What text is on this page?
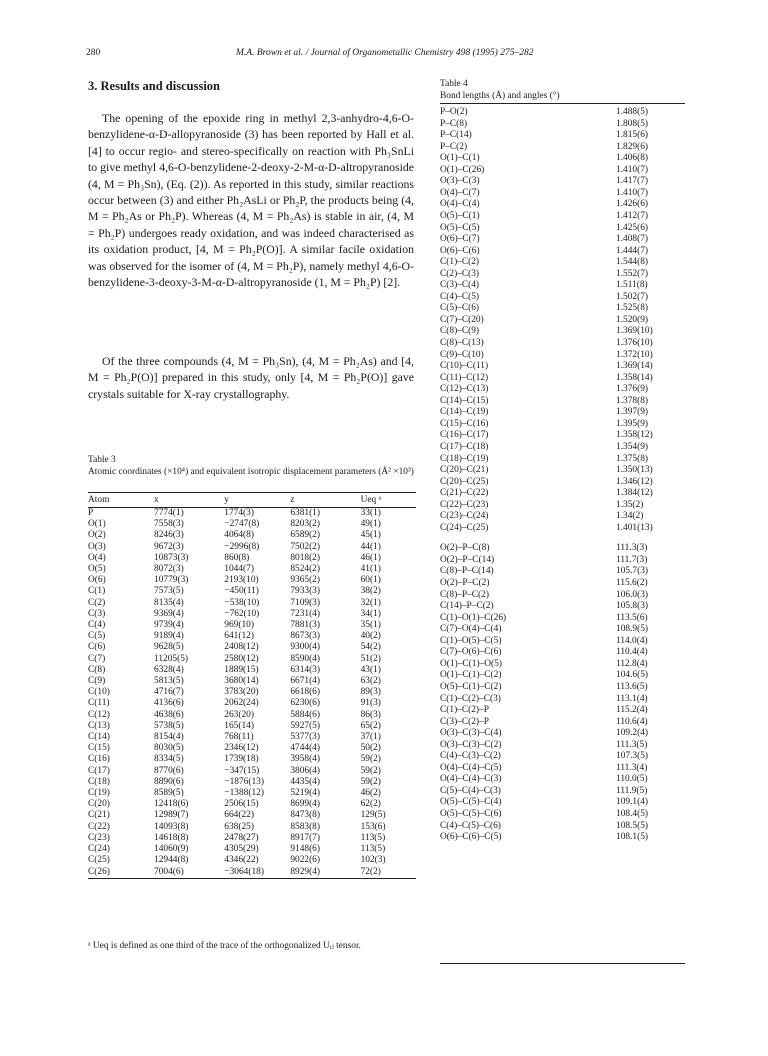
280	M.A. Brown et al. / Journal of Organometallic Chemistry 498 (1995) 275–282
3. Results and discussion

The opening of the epoxide ring in methyl 2,3-anhydro-4,6-O-benzylidene-α-D-allopyranoside (3) has been reported by Hall et al. [4] to occur regio- and stereo-specifically on reaction with Ph₃SnLi to give methyl 4,6-O-benzylidene-2-deoxy-2-M-α-D-altropyranoside (4, M = Ph₃Sn), (Eq. (2)). As reported in this study, similar reactions occur between (3) and either Ph₂AsLi or Ph₂P, the products being (4, M = Ph₂As or Ph₂P). Whereas (4, M = Ph₂As) is stable in air, (4, M = Ph₂P) undergoes ready oxidation, and was indeed characterised as its oxidation product, [4, M = Ph₂P(O)]. A similar facile oxidation was observed for the isomer of (4, M = Ph₂P), namely methyl 4,6-O-benzylidene-3-deoxy-3-M-α-D-altropyranoside (1, M = Ph₂P) [2].

Of the three compounds (4, M = Ph₃Sn), (4, M = Ph₂As) and [4, M = Ph₂P(O)] prepared in this study, only [4, M = Ph₂P(O)] gave crystals suitable for X-ray crystallography.

Table 3
Atomic coordinates (×10⁴) and equivalent isotropic displacement parameters (Å² ×10³)
Atom	x	y	z	Ueq ᵃ
P	7774(1)	1774(3)	6381(1)	33(1)
O(1)	7558(3)	−2747(8)	8203(2)	49(1)
O(2)	8246(3)	4064(8)	6589(2)	45(1)
O(3)	9672(3)	−2996(8)	7502(2)	44(1)
O(4)	10873(3)	860(8)	8018(2)	46(1)
O(5)	8072(3)	1044(7)	8524(2)	41(1)
O(6)	10779(3)	2193(10)	9365(2)	60(1)
C(1)	7573(5)	−450(11)	7933(3)	38(2)
C(2)	8135(4)	−538(10)	7109(3)	32(1)
C(3)	9369(4)	−762(10)	7231(4)	34(1)
C(4)	9739(4)	969(10)	7881(3)	35(1)
C(5)	9189(4)	641(12)	8673(3)	40(2)
C(6)	9628(5)	2408(12)	9300(4)	54(2)
C(7)	11205(5)	2580(12)	8590(4)	51(2)
C(8)	6328(4)	1889(15)	6314(3)	43(1)
C(9)	5813(5)	3680(14)	6671(4)	63(2)
C(10)	4716(7)	3783(20)	6618(6)	89(3)
C(11)	4136(6)	2062(24)	6230(6)	91(3)
C(12)	4638(6)	263(20)	5884(6)	86(3)
C(13)	5738(5)	165(14)	5927(5)	65(2)
C(14)	8154(4)	768(11)	5377(3)	37(1)
C(15)	8030(5)	2346(12)	4744(4)	50(2)
C(16)	8334(5)	1739(18)	3958(4)	59(2)
C(17)	8770(6)	−347(15)	3806(4)	59(2)
C(18)	8890(6)	−1876(13)	4435(4)	59(2)
C(19)	8589(5)	−1388(12)	5219(4)	46(2)
C(20)	12418(6)	2506(15)	8699(4)	62(2)
C(21)	12989(7)	664(22)	8473(8)	129(5)
C(22)	14093(8)	638(25)	8583(8)	153(6)
C(23)	14618(8)	2478(27)	8917(7)	113(5)
C(24)	14060(9)	4305(29)	9148(6)	113(5)
C(25)	12944(8)	4346(22)	9022(6)	102(3)
C(26)	7004(6)	−3064(18)	8929(4)	72(2)
ᵃ Ueq is defined as one third of the trace of the orthogonalized Uᵢⱼ tensor.
Table 4
Bond lengths (Å) and angles (°)
P–O(2)	1.488(5)
P–C(8)	1.808(5)
P–C(14)	1.815(6)
P–C(2)	1.829(6)
O(1)–C(1)	1.406(8)
O(1)–C(26)	1.410(7)
O(3)–C(3)	1.417(7)
O(4)–C(7)	1.410(7)
O(4)–C(4)	1.426(6)
O(5)–C(1)	1.412(7)
O(5)–C(5)	1.425(6)
O(6)–C(7)	1.408(7)
O(6)–C(6)	1.444(7)
C(1)–C(2)	1.544(8)
C(2)–C(3)	1.552(7)
C(3)–C(4)	1.511(8)
C(4)–C(5)	1.502(7)
C(5)–C(6)	1.525(8)
C(7)–C(20)	1.520(9)
C(8)–C(9)	1.369(10)
C(8)–C(13)	1.376(10)
C(9)–C(10)	1.372(10)
C(10)–C(11)	1.369(14)
C(11)–C(12)	1.358(14)
C(12)–C(13)	1.376(9)
C(14)–C(15)	1.378(8)
C(14)–C(19)	1.397(9)
C(15)–C(16)	1.395(9)
C(16)–C(17)	1.358(12)
C(17)–C(18)	1.354(9)
C(18)–C(19)	1.375(8)
C(20)–C(21)	1.350(13)
C(20)–C(25)	1.346(12)
C(21)–C(22)	1.384(12)
C(22)–C(23)	1.35(2)
C(23)–C(24)	1.34(2)
C(24)–C(25)	1.401(13)
O(2)–P–C(8)	111.3(3)
O(2)–P–C(14)	111.7(3)
C(8)–P–C(14)	105.7(3)
O(2)–P–C(2)	115.6(2)
C(8)–P–C(2)	106.0(3)
C(14)–P–C(2)	105.8(3)
C(1)–O(1)–C(26)	113.5(6)
C(7)–O(4)–C(4)	108.9(5)
C(1)–O(5)–C(5)	114.0(4)
C(7)–O(6)–C(6)	110.4(4)
O(1)–C(1)–O(5)	112.8(4)
O(1)–C(1)–C(2)	104.6(5)
O(5)–C(1)–C(2)	113.6(5)
C(1)–C(2)–C(3)	113.1(4)
C(1)–C(2)–P	115.2(4)
C(3)–C(2)–P	110.6(4)
O(3)–C(3)–C(4)	109.2(4)
O(3)–C(3)–C(2)	111.3(5)
C(4)–C(3)–C(2)	107.3(5)
O(4)–C(4)–C(5)	111.3(4)
O(4)–C(4)–C(3)	110.0(5)
C(5)–C(4)–C(3)	111.9(5)
O(5)–C(5)–C(4)	109.1(4)
O(5)–C(5)–C(6)	108.4(5)
C(4)–C(5)–C(6)	108.5(5)
O(6)–C(6)–C(5)	108.1(5)
